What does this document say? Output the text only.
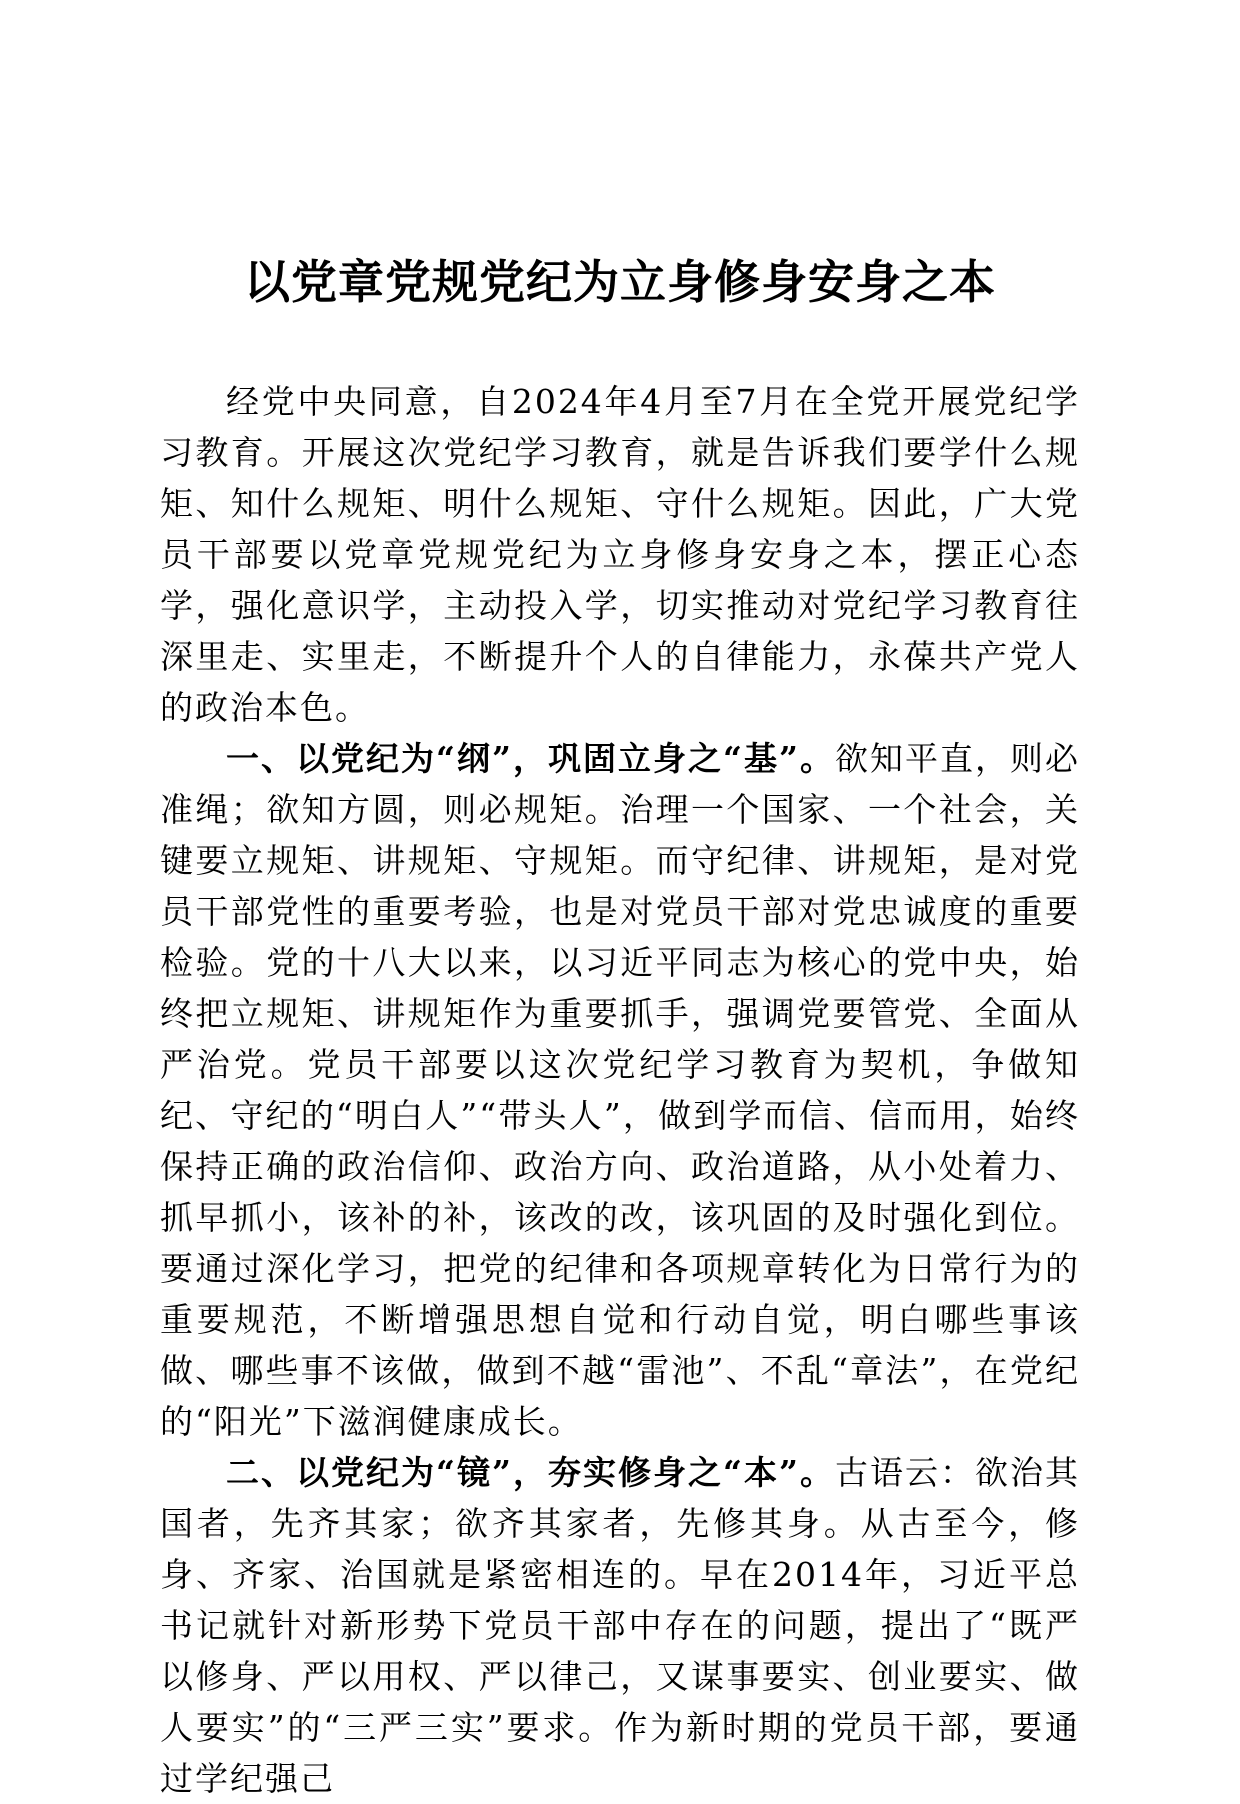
以党章党规党纪为立身修身安身之本

经党中央同意，自2024年4月至7月在全党开展党纪学习教育。开展这次党纪学习教育，就是告诉我们要学什么规矩、知什么规矩、明什么规矩、守什么规矩。因此，广大党员干部要以党章党规党纪为立身修身安身之本，摆正心态学，强化意识学，主动投入学，切实推动对党纪学习教育往深里走、实里走，不断提升个人的自律能力，永葆共产党人的政治本色。

一、以党纪为“纲”，巩固立身之“基”。欲知平直，则必准绳；欲知方圆，则必规矩。治理一个国家、一个社会，关键要立规矩、讲规矩、守规矩。而守纪律、讲规矩，是对党员干部党性的重要考验，也是对党员干部对党忠诚度的重要检验。党的十八大以来，以习近平同志为核心的党中央，始终把立规矩、讲规矩作为重要抓手，强调党要管党、全面从严治党。党员干部要以这次党纪学习教育为契机，争做知纪、守纪的“明白人”“带头人”，做到学而信、信而用，始终保持正确的政治信仰、政治方向、政治道路，从小处着力、抓早抓小，该补的补，该改的改，该巩固的及时强化到位。要通过深化学习，把党的纪律和各项规章转化为日常行为的重要规范，不断增强思想自觉和行动自觉，明白哪些事该做、哪些事不该做，做到不越“雷池”、不乱“章法”，在党纪的“阳光”下滋润健康成长。

二、以党纪为“镜”，夯实修身之“本”。古语云：欲治其国者，先齐其家；欲齐其家者，先修其身。从古至今，修身、齐家、治国就是紧密相连的。早在2014年，习近平总书记就针对新形势下党员干部中存在的问题，提出了“既严以修身、严以用权、严以律己，又谋事要实、创业要实、做人要实”的“三严三实”要求。作为新时期的党员干部，要通过学纪强己
